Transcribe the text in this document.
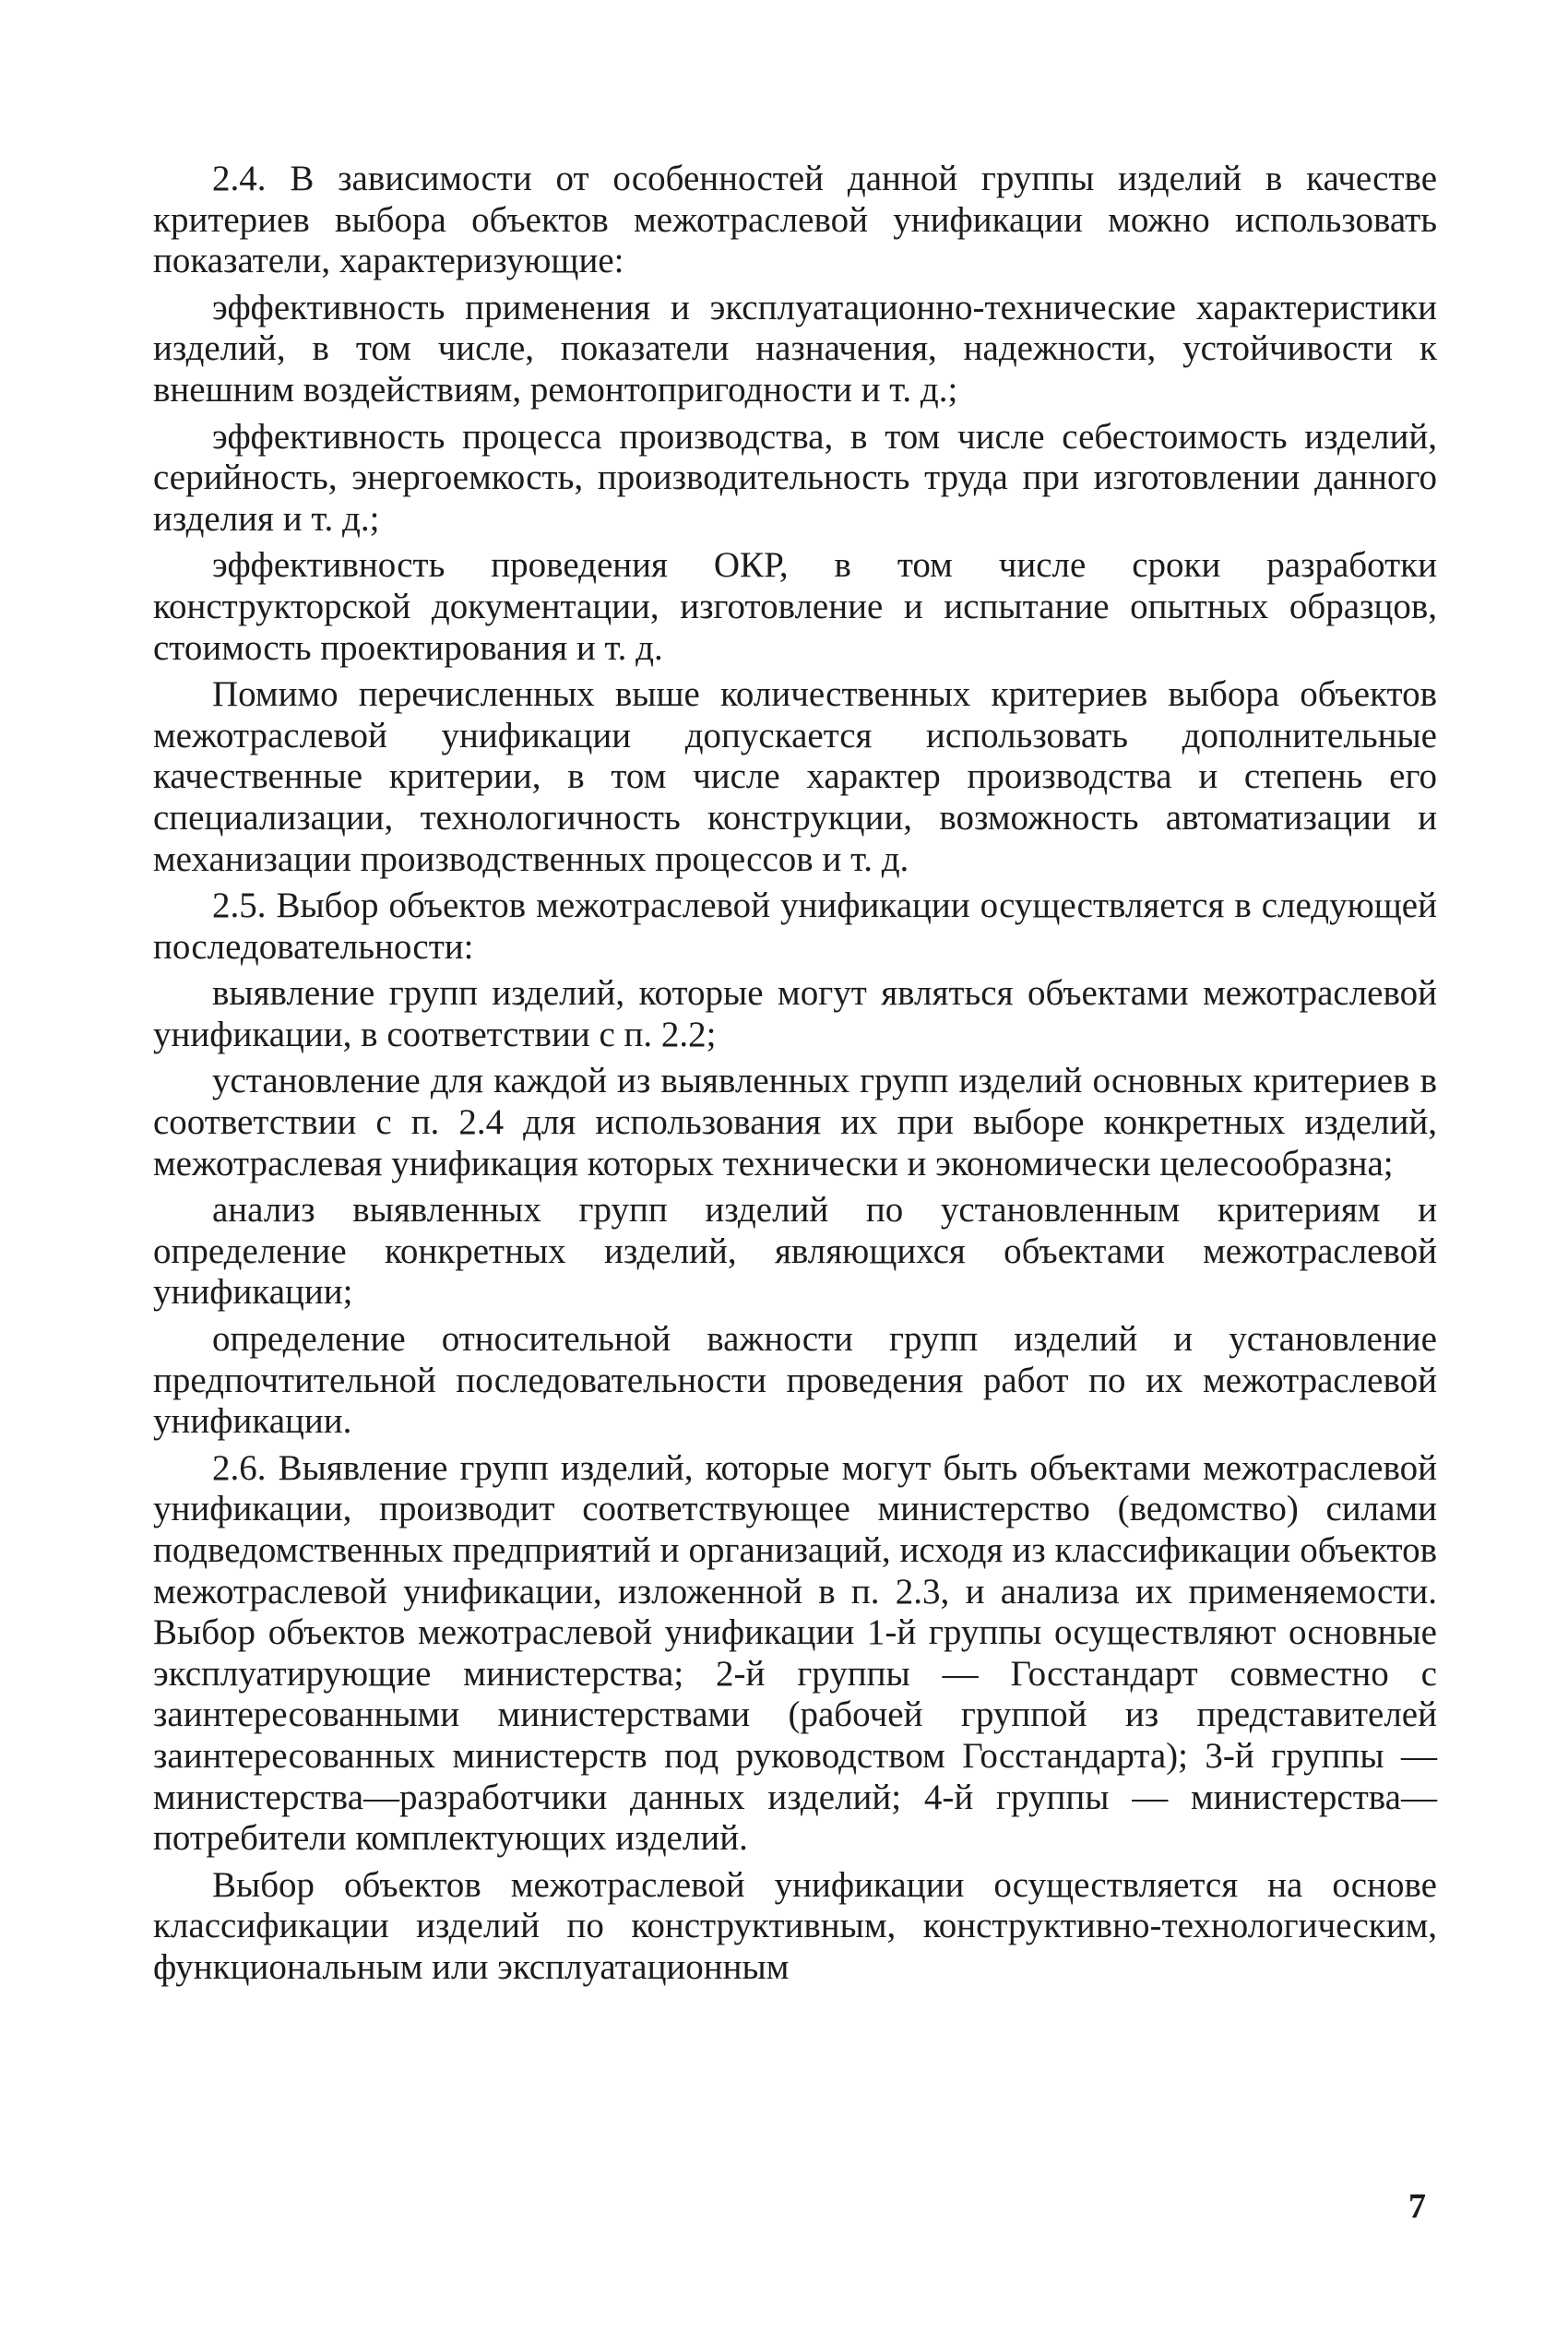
2.4. В зависимости от особенностей данной группы изделий в качестве критериев выбора объектов межотраслевой унификации можно использовать показатели, характеризующие:

эффективность применения и эксплуатационно-технические характеристики изделий, в том числе, показатели назначения, надежности, устойчивости к внешним воздействиям, ремонтопригодности и т. д.;

эффективность процесса производства, в том числе себестоимость изделий, серийность, энергоемкость, производительность труда при изготовлении данного изделия и т. д.;

эффективность проведения ОКР, в том числе сроки разработки конструкторской документации, изготовление и испытание опытных образцов, стоимость проектирования и т. д.

Помимо перечисленных выше количественных критериев выбора объектов межотраслевой унификации допускается использовать дополнительные качественные критерии, в том числе характер производства и степень его специализации, технологичность конструкции, возможность автоматизации и механизации производственных процессов и т. д.

2.5. Выбор объектов межотраслевой унификации осуществляется в следующей последовательности:

выявление групп изделий, которые могут являться объектами межотраслевой унификации, в соответствии с п. 2.2;

установление для каждой из выявленных групп изделий основных критериев в соответствии с п. 2.4 для использования их при выборе конкретных изделий, межотраслевая унификация которых технически и экономически целесообразна;

анализ выявленных групп изделий по установленным критериям и определение конкретных изделий, являющихся объектами межотраслевой унификации;

определение относительной важности групп изделий и установление предпочтительной последовательности проведения работ по их межотраслевой унификации.

2.6. Выявление групп изделий, которые могут быть объектами межотраслевой унификации, производит соответствующее министерство (ведомство) силами подведомственных предприятий и организаций, исходя из классификации объектов межотраслевой унификации, изложенной в п. 2.3, и анализа их применяемости. Выбор объектов межотраслевой унификации 1-й группы осуществляют основные эксплуатирующие министерства; 2-й группы — Госстандарт совместно с заинтересованными министерствами (рабочей группой из представителей заинтересованных министерств под руководством Госстандарта); 3-й группы — министерства—разработчики данных изделий; 4-й группы — министерства—потребители комплектующих изделий.

Выбор объектов межотраслевой унификации осуществляется на основе классификации изделий по конструктивным, конструктивно-технологическим, функциональным или эксплуатационным

7
